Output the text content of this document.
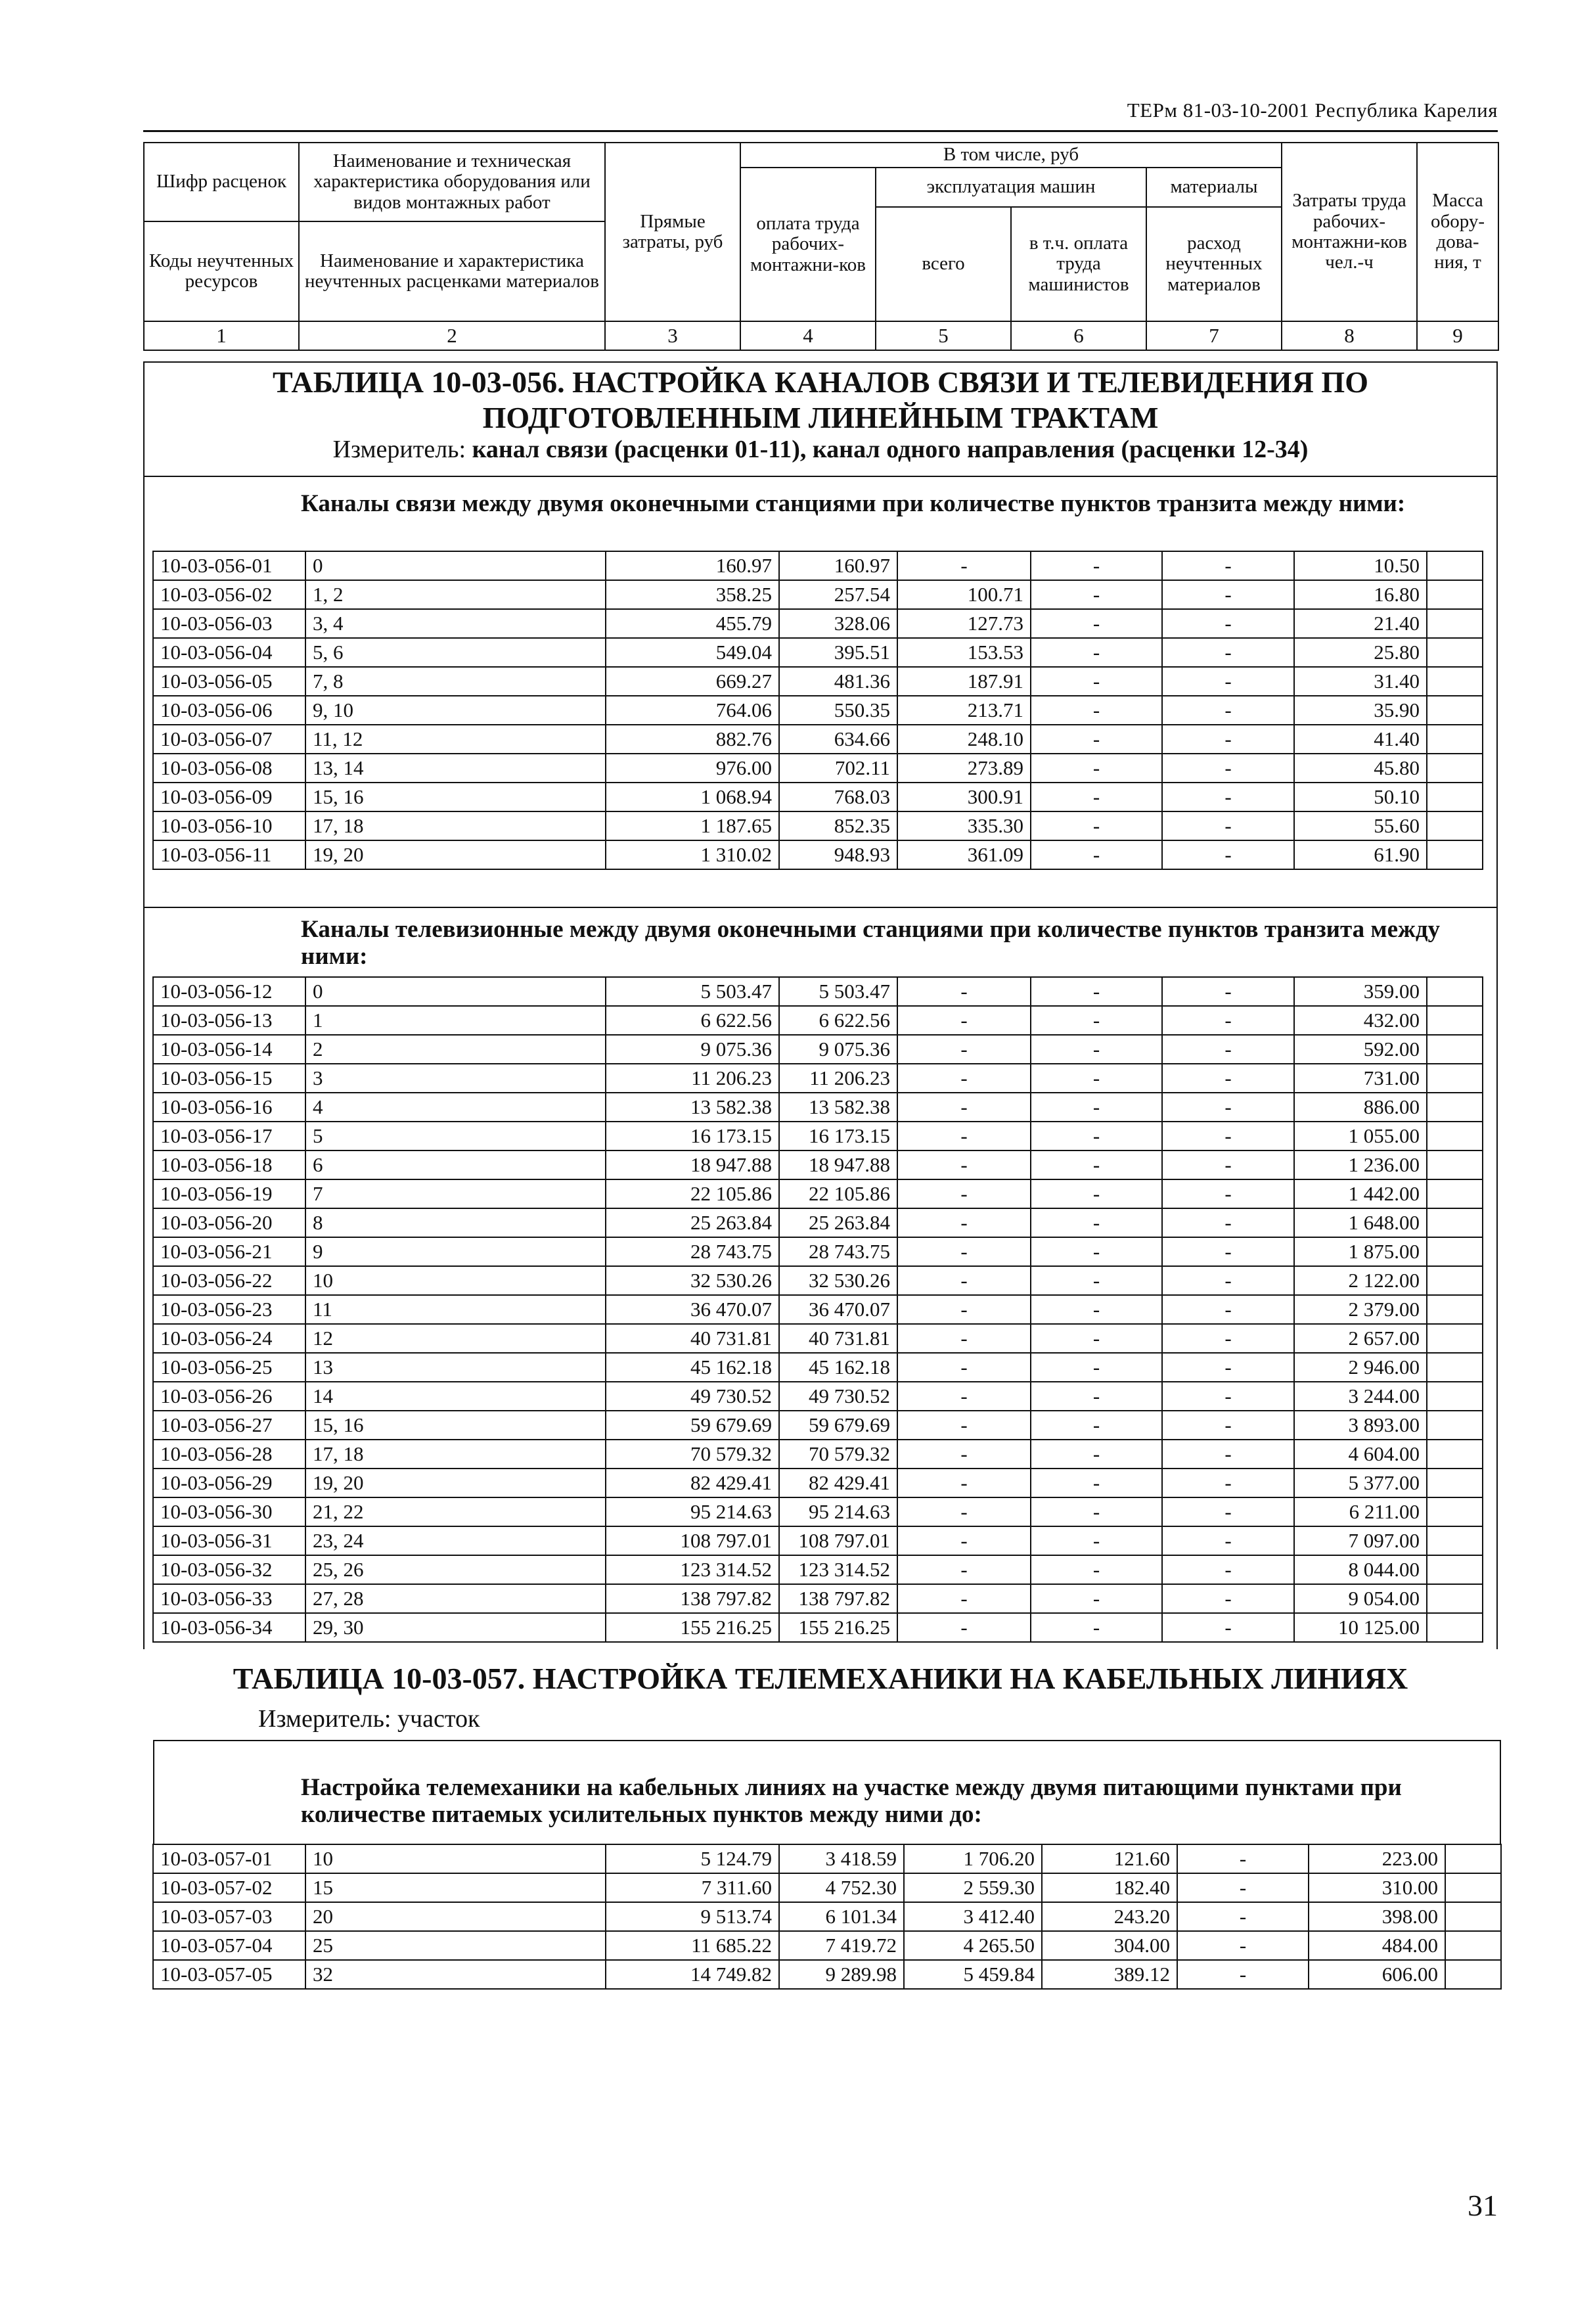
ТЕРм 81-03-10-2001 Республика Карелия
Шифр расценок	Наименование и техническая характеристика оборудования или видов монтажных работ	Прямые затраты, руб	В том числе, руб				Затраты труда рабочих-монтажни-ков чел.-ч	Масса обору-дова-ния, т
			оплата труда рабочих-монтажни-ков	эксплуатация машин		материалы		
				всего	в т.ч. оплата труда машинистов	расход неучтенных материалов		
Коды неучтенных ресурсов	Наименование и характеристика неучтенных расценками материалов							

1	2	3	4	5	6	7	8	9
ТАБЛИЦА 10-03-056. НАСТРОЙКА КАНАЛОВ СВЯЗИ И ТЕЛЕВИДЕНИЯ ПО ПОДГОТОВЛЕННЫМ ЛИНЕЙНЫМ ТРАКТАМ
Измеритель: канал связи (расценки 01-11), канал одного направления (расценки 12-34)
Каналы связи между двумя оконечными станциями при количестве пунктов транзита между ними:
10-03-056-01	0	160.97	160.97	-	-	-	10.50	
10-03-056-02	1, 2	358.25	257.54	100.71	-	-	16.80	
10-03-056-03	3, 4	455.79	328.06	127.73	-	-	21.40	
10-03-056-04	5, 6	549.04	395.51	153.53	-	-	25.80	
10-03-056-05	7, 8	669.27	481.36	187.91	-	-	31.40	
10-03-056-06	9, 10	764.06	550.35	213.71	-	-	35.90	
10-03-056-07	11, 12	882.76	634.66	248.10	-	-	41.40	
10-03-056-08	13, 14	976.00	702.11	273.89	-	-	45.80	
10-03-056-09	15, 16	1 068.94	768.03	300.91	-	-	50.10	
10-03-056-10	17, 18	1 187.65	852.35	335.30	-	-	55.60	
10-03-056-11	19, 20	1 310.02	948.93	361.09	-	-	61.90	
Каналы телевизионные между двумя оконечными станциями при количестве пунктов транзита между ними:
10-03-056-12	0	5 503.47	5 503.47	-	-	-	359.00	
10-03-056-13	1	6 622.56	6 622.56	-	-	-	432.00	
10-03-056-14	2	9 075.36	9 075.36	-	-	-	592.00	
10-03-056-15	3	11 206.23	11 206.23	-	-	-	731.00	
10-03-056-16	4	13 582.38	13 582.38	-	-	-	886.00	
10-03-056-17	5	16 173.15	16 173.15	-	-	-	1 055.00	
10-03-056-18	6	18 947.88	18 947.88	-	-	-	1 236.00	
10-03-056-19	7	22 105.86	22 105.86	-	-	-	1 442.00	
10-03-056-20	8	25 263.84	25 263.84	-	-	-	1 648.00	
10-03-056-21	9	28 743.75	28 743.75	-	-	-	1 875.00	
10-03-056-22	10	32 530.26	32 530.26	-	-	-	2 122.00	
10-03-056-23	11	36 470.07	36 470.07	-	-	-	2 379.00	
10-03-056-24	12	40 731.81	40 731.81	-	-	-	2 657.00	
10-03-056-25	13	45 162.18	45 162.18	-	-	-	2 946.00	
10-03-056-26	14	49 730.52	49 730.52	-	-	-	3 244.00	
10-03-056-27	15, 16	59 679.69	59 679.69	-	-	-	3 893.00	
10-03-056-28	17, 18	70 579.32	70 579.32	-	-	-	4 604.00	
10-03-056-29	19, 20	82 429.41	82 429.41	-	-	-	5 377.00	
10-03-056-30	21, 22	95 214.63	95 214.63	-	-	-	6 211.00	
10-03-056-31	23, 24	108 797.01	108 797.01	-	-	-	7 097.00	
10-03-056-32	25, 26	123 314.52	123 314.52	-	-	-	8 044.00	
10-03-056-33	27, 28	138 797.82	138 797.82	-	-	-	9 054.00	
10-03-056-34	29, 30	155 216.25	155 216.25	-	-	-	10 125.00	
ТАБЛИЦА 10-03-057. НАСТРОЙКА ТЕЛЕМЕХАНИКИ НА КАБЕЛЬНЫХ ЛИНИЯХ
Измеритель: участок
Настройка телемеханики на кабельных линиях на участке между двумя питающими пунктами при количестве питаемых усилительных пунктов между ними до:
10-03-057-01	10	5 124.79	3 418.59	1 706.20	121.60	-	223.00	
10-03-057-02	15	7 311.60	4 752.30	2 559.30	182.40	-	310.00	
10-03-057-03	20	9 513.74	6 101.34	3 412.40	243.20	-	398.00	
10-03-057-04	25	11 685.22	7 419.72	4 265.50	304.00	-	484.00	
10-03-057-05	32	14 749.82	9 289.98	5 459.84	389.12	-	606.00	
31
